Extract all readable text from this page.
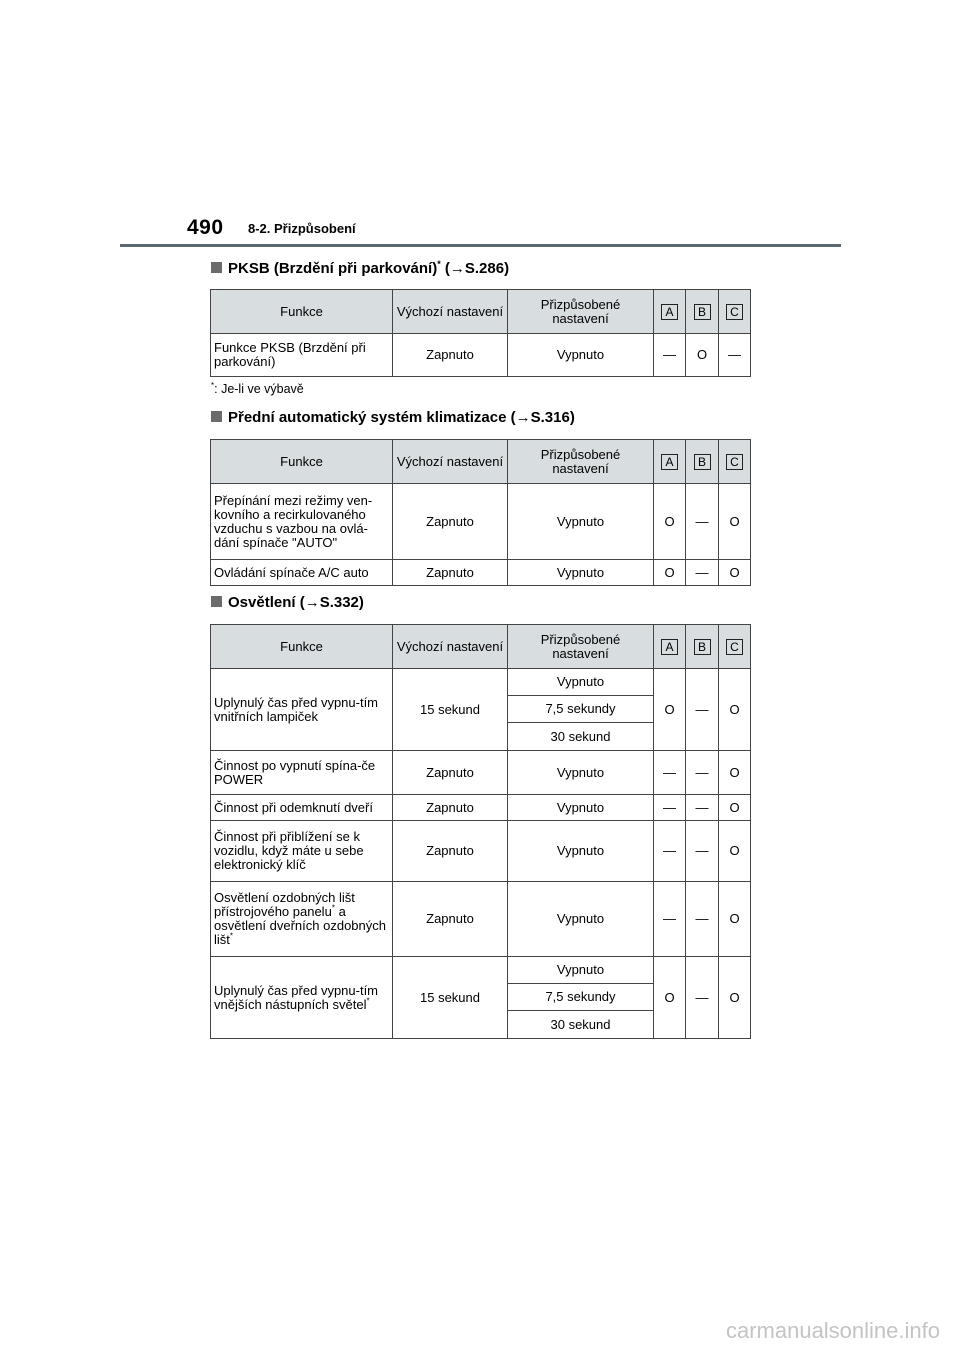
490 8-2. Přizpůsobení
PKSB (Brzdění při parkování)* (→S.286)
Funkce	Výchozí nastavení	Přizpůsobené nastavení	A	B	C
Funkce PKSB (Brzdění při parkování)	Zapnuto	Vypnuto	—	O	—
*: Je-li ve výbavě
Přední automatický systém klimatizace (→S.316)
Funkce	Výchozí nastavení	Přizpůsobené nastavení	A	B	C
Přepínání mezi režimy ven-kovního a recirkulovaného vzduchu s vazbou na ovlá-dání spínače "AUTO"	Zapnuto	Vypnuto	O	—	O
Ovládání spínače A/C auto	Zapnuto	Vypnuto	O	—	O
Osvětlení (→S.332)
Funkce	Výchozí nastavení	Přizpůsobené nastavení	A	B	C
Uplynulý čas před vypnu-tím vnitřních lampiček	15 sekund	Vypnuto	O	—	O
		7,5 sekundy			
		30 sekund			
Činnost po vypnutí spína-če POWER	Zapnuto	Vypnuto	—	—	O
Činnost při odemknutí dveří	Zapnuto	Vypnuto	—	—	O
Činnost při přiblížení se k vozidlu, když máte u sebe elektronický klíč	Zapnuto	Vypnuto	—	—	O
Osvětlení ozdobných lišt přístrojového panelu* a osvětlení dveřních ozdobných lišt*	Zapnuto	Vypnuto	—	—	O
Uplynulý čas před vypnu-tím vnějších nástupních světel*	15 sekund	Vypnuto	O	—	O
		7,5 sekundy			
		30 sekund			
carmanualsonline.info
